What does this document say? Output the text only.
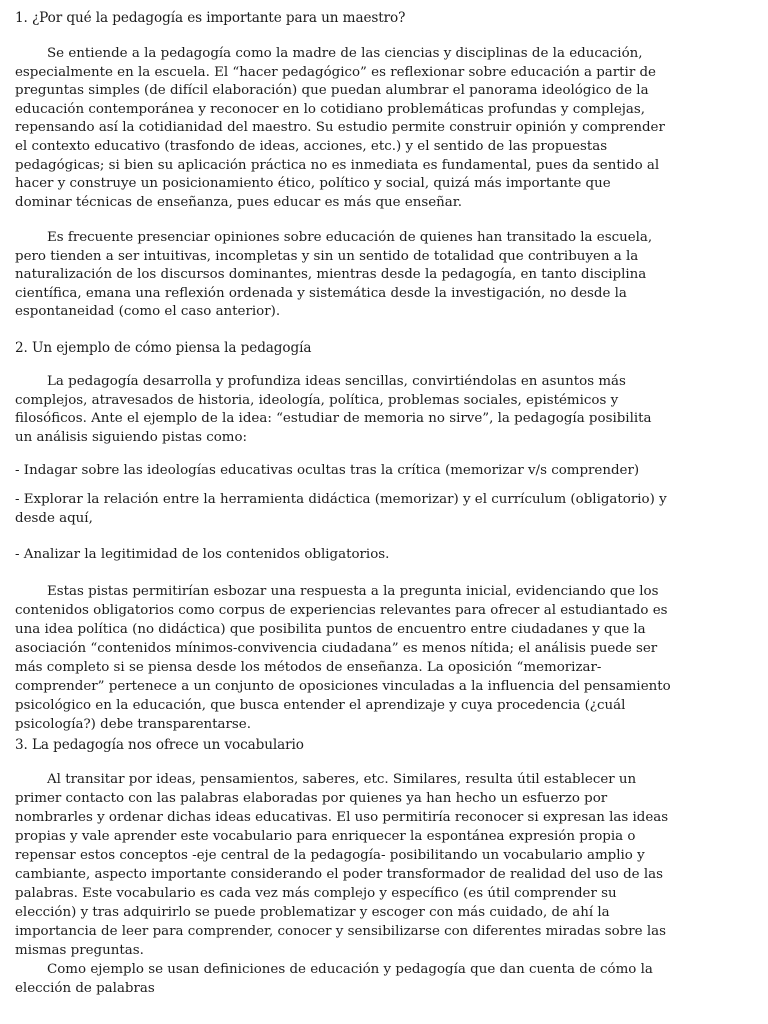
1. ¿Por qué la pedagogía es importante para un maestro?

Se entiende a la pedagogía como la madre de las ciencias y disciplinas de la educación, especialmente en la escuela. El “hacer pedagógico” es reflexionar sobre educación a partir de preguntas simples (de difícil elaboración) que puedan alumbrar el panorama ideológico de la educación contemporánea y reconocer en lo cotidiano problemáticas profundas y complejas, repensando así la cotidianidad del maestro. Su estudio permite construir opinión y comprender el contexto educativo (trasfondo de ideas, acciones, etc.) y el sentido de las propuestas pedagógicas; si bien su aplicación práctica no es inmediata es fundamental, pues da sentido al hacer y construye un posicionamiento ético, político y social, quizá más importante que dominar técnicas de enseñanza, pues educar es más que enseñar.

Es frecuente presenciar opiniones sobre educación de quienes han transitado la escuela, pero tienden a ser intuitivas, incompletas y sin un sentido de totalidad que contribuyen a la naturalización de los discursos dominantes, mientras desde la pedagogía, en tanto disciplina científica, emana una reflexión ordenada y sistemática desde la investigación, no desde la espontaneidad (como el caso anterior).

2. Un ejemplo de cómo piensa la pedagogía

La pedagogía desarrolla y profundiza ideas sencillas, convirtiéndolas en asuntos más complejos, atravesados de historia, ideología, política, problemas sociales, epistémicos y filosóficos. Ante el ejemplo de la idea: “estudiar de memoria no sirve”, la pedagogía posibilita un análisis siguiendo pistas como:

- Indagar sobre las ideologías educativas ocultas tras la crítica (memorizar v/s comprender)

- Explorar la relación entre la herramienta didáctica (memorizar) y el currículum (obligatorio) y desde aquí,

- Analizar la legitimidad de los contenidos obligatorios.

Estas pistas permitirían esbozar una respuesta a la pregunta inicial, evidenciando que los contenidos obligatorios como corpus de experiencias relevantes para ofrecer al estudiantado es una idea política (no didáctica) que posibilita puntos de encuentro entre ciudadanes y que la asociación “contenidos mínimos-convivencia ciudadana” es menos nítida; el análisis puede ser más completo si se piensa desde los métodos de enseñanza. La oposición “memorizar-comprender” pertenece a un conjunto de oposiciones vinculadas a la influencia del pensamiento psicológico en la educación, que busca entender el aprendizaje y cuya procedencia (¿cuál psicología?) debe transparentarse.

3. La pedagogía nos ofrece un vocabulario

Al transitar por ideas, pensamientos, saberes, etc. Similares, resulta útil establecer un primer contacto con las palabras elaboradas por quienes ya han hecho un esfuerzo por nombrarles y ordenar dichas ideas educativas. El uso permitiría reconocer si expresan las ideas propias y vale aprender este vocabulario para enriquecer la espontánea expresión propia o repensar estos conceptos -eje central de la pedagogía- posibilitando un vocabulario amplio y cambiante, aspecto importante considerando el poder transformador de realidad del uso de las palabras. Este vocabulario es cada vez más complejo y específico (es útil comprender su elección) y tras adquirirlo se puede problematizar y escoger con más cuidado, de ahí la importancia de leer para comprender, conocer y sensibilizarse con diferentes miradas sobre las mismas preguntas.

Como ejemplo se usan definiciones de educación y pedagogía que dan cuenta de cómo la elección de palabras
